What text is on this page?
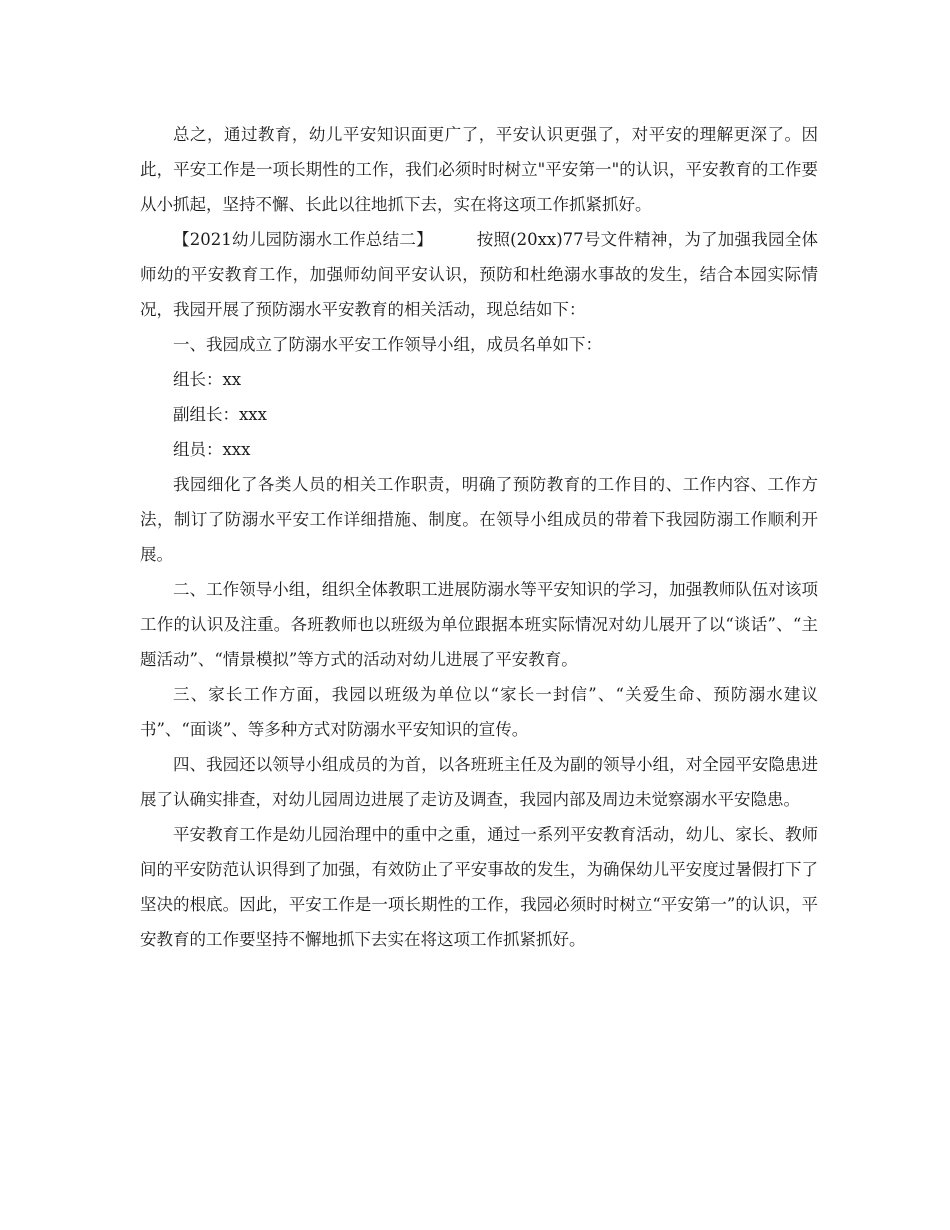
总之，通过教育，幼儿平安知识面更广了，平安认识更强了，对平安的理解更深了。因此，平安工作是一项长期性的工作，我们必须时时树立"平安第一"的认识，平安教育的工作要从小抓起，坚持不懈、长此以往地抓下去，实在将这项工作抓紧抓好。

【2021幼儿园防溺水工作总结二】	按照(20xx)77号文件精神，为了加强我园全体师幼的平安教育工作，加强师幼间平安认识，预防和杜绝溺水事故的发生，结合本园实际情况，我园开展了预防溺水平安教育的相关活动，现总结如下：

一、我园成立了防溺水平安工作领导小组，成员名单如下：

组长：xx

副组长：xxx

组员：xxx

我园细化了各类人员的相关工作职责，明确了预防教育的工作目的、工作内容、工作方法，制订了防溺水平安工作详细措施、制度。在领导小组成员的带着下我园防溺工作顺利开展。

二、工作领导小组，组织全体教职工进展防溺水等平安知识的学习，加强教师队伍对该项工作的认识及注重。各班教师也以班级为单位跟据本班实际情况对幼儿展开了以“谈话”、“主题活动”、“情景模拟”等方式的活动对幼儿进展了平安教育。

三、家长工作方面，我园以班级为单位以“家长一封信”、“关爱生命、预防溺水建议书”、“面谈”、等多种方式对防溺水平安知识的宣传。

四、我园还以领导小组成员的为首，以各班班主任及为副的领导小组，对全园平安隐患进展了认确实排查，对幼儿园周边进展了走访及调查，我园内部及周边未觉察溺水平安隐患。

平安教育工作是幼儿园治理中的重中之重，通过一系列平安教育活动，幼儿、家长、教师间的平安防范认识得到了加强，有效防止了平安事故的发生，为确保幼儿平安度过暑假打下了坚决的根底。因此，平安工作是一项长期性的工作，我园必须时时树立“平安第一”的认识，平安教育的工作要坚持不懈地抓下去实在将这项工作抓紧抓好。
